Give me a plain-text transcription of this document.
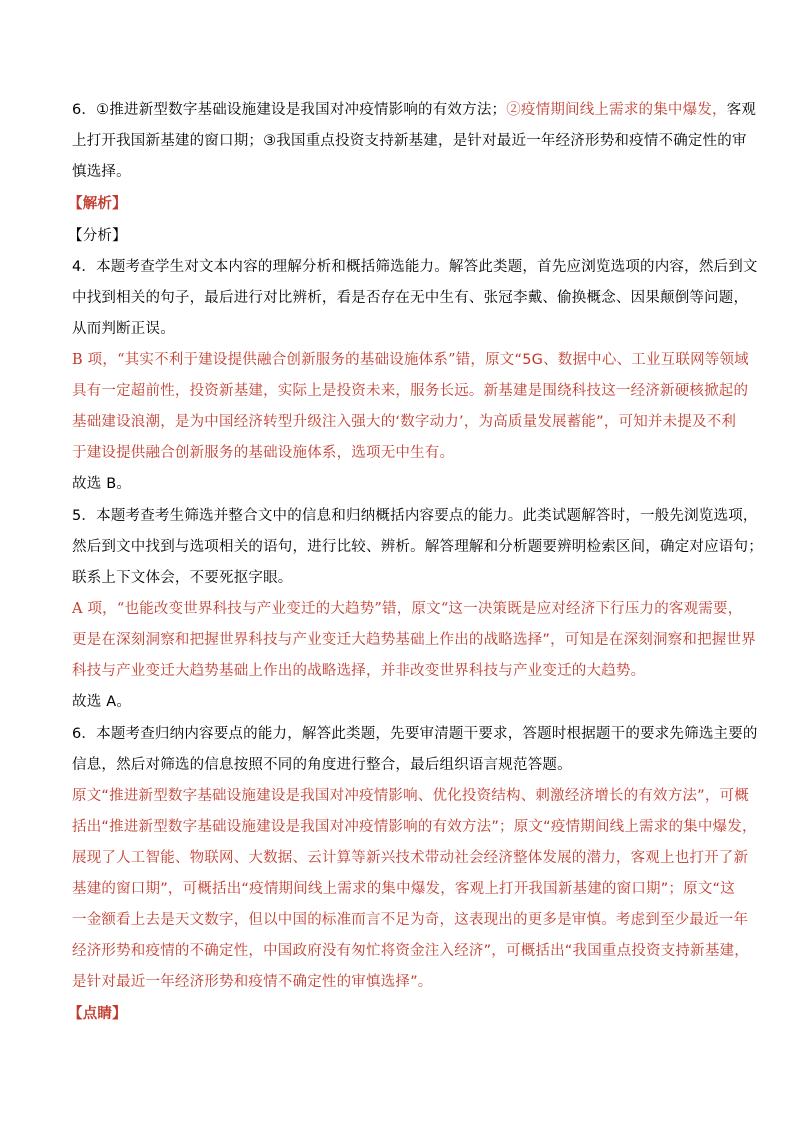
6．①推进新型数字基础设施建设是我国对冲疫情影响的有效方法；②疫情期间线上需求的集中爆发，客观
上打开我国新基建的窗口期；③我国重点投资支持新基建，是针对最近一年经济形势和疫情不确定性的审
慎选择。
【解析】
【分析】
4．本题考查学生对文本内容的理解分析和概括筛选能力。解答此类题，首先应浏览选项的内容，然后到文
中找到相关的句子，最后进行对比辨析，看是否存在无中生有、张冠李戴、偷换概念、因果颠倒等问题，
从而判断正误。
B 项，“其实不利于建设提供融合创新服务的基础设施体系”错，原文“5G、数据中心、工业互联网等领域
具有一定超前性，投资新基建，实际上是投资未来，服务长远。新基建是围绕科技这一经济新硬核掀起的
基础建设浪潮，是为中国经济转型升级注入强大的‘数字动力’，为高质量发展蓄能”，可知并未提及不利
于建设提供融合创新服务的基础设施体系，选项无中生有。
故选 B。
5．本题考查考生筛选并整合文中的信息和归纳概括内容要点的能力。此类试题解答时，一般先浏览选项，
然后到文中找到与选项相关的语句，进行比较、辨析。解答理解和分析题要辨明检索区间，确定对应语句；
联系上下文体会，不要死抠字眼。
A 项，“也能改变世界科技与产业变迁的大趋势”错，原文“这一决策既是应对经济下行压力的客观需要，
更是在深刻洞察和把握世界科技与产业变迁大趋势基础上作出的战略选择”，可知是在深刻洞察和把握世界
科技与产业变迁大趋势基础上作出的战略选择，并非改变世界科技与产业变迁的大趋势。
故选 A。
6．本题考查归纳内容要点的能力，解答此类题，先要审清题干要求，答题时根据题干的要求先筛选主要的
信息，然后对筛选的信息按照不同的角度进行整合，最后组织语言规范答题。
原文“推进新型数字基础设施建设是我国对冲疫情影响、优化投资结构、刺激经济增长的有效方法”，可概
括出“推进新型数字基础设施建设是我国对冲疫情影响的有效方法”；原文“疫情期间线上需求的集中爆发，
展现了人工智能、物联网、大数据、云计算等新兴技术带动社会经济整体发展的潜力，客观上也打开了新
基建的窗口期”，可概括出“疫情期间线上需求的集中爆发，客观上打开我国新基建的窗口期”；原文“这
一金额看上去是天文数字，但以中国的标准而言不足为奇，这表现出的更多是审慎。考虑到至少最近一年
经济形势和疫情的不确定性，中国政府没有匆忙将资金注入经济”，可概括出“我国重点投资支持新基建，
是针对最近一年经济形势和疫情不确定性的审慎选择”。
【点睛】
